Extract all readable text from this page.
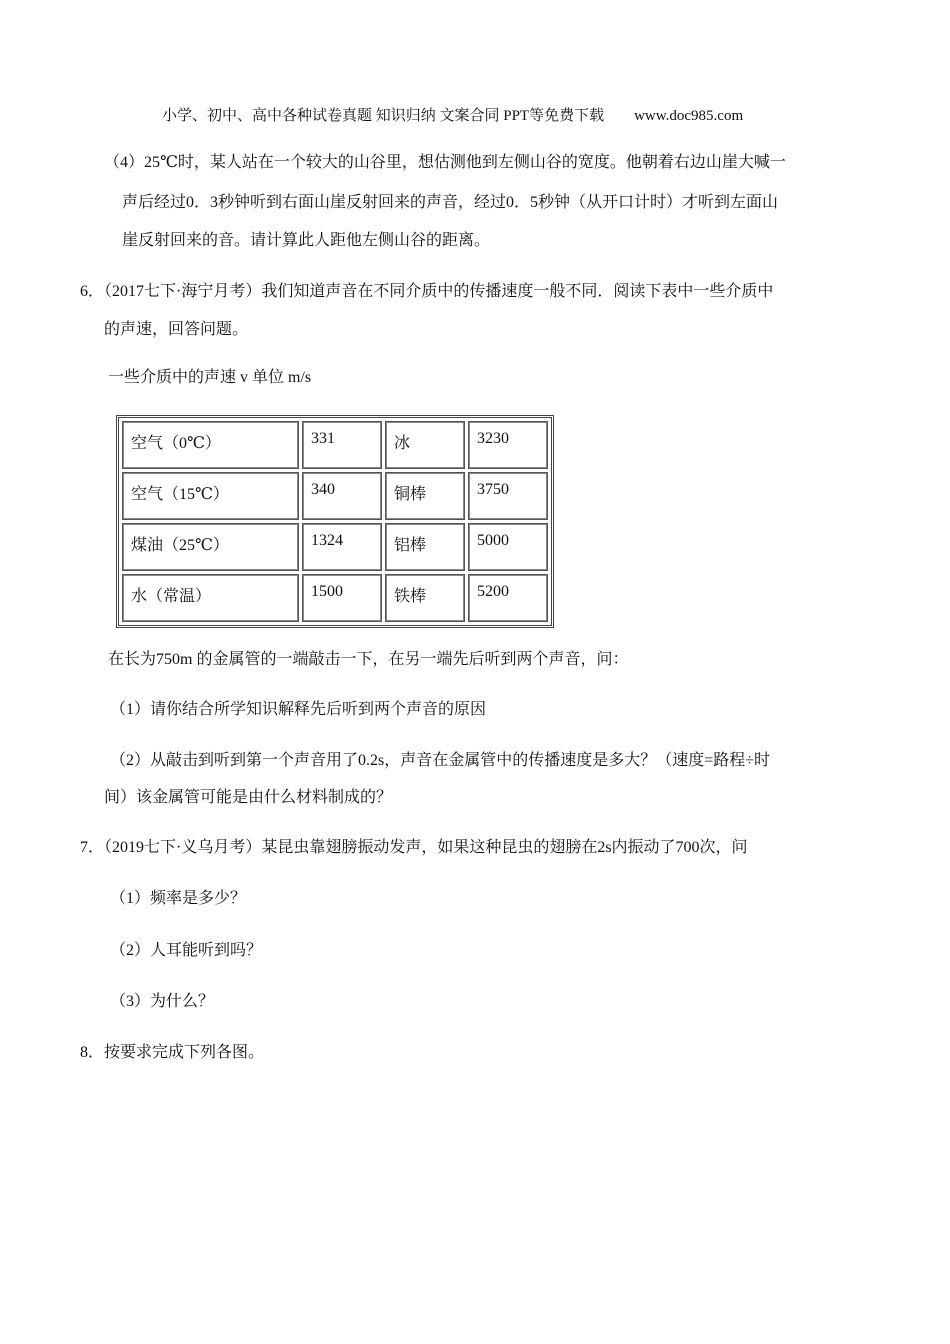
小学、初中、高中各种试卷真题 知识归纳 文案合同 PPT等免费下载　　www.doc985.com
（4）25℃时，某人站在一个较大的山谷里，想估测他到左侧山谷的宽度。他朝着右边山崖大喊一
声后经过0．3秒钟听到右面山崖反射回来的声音，经过0．5秒钟（从开口计时）才听到左面山
崖反射回来的音。请计算此人距他左侧山谷的距离。
6．（2017七下·海宁月考）我们知道声音在不同介质中的传播速度一般不同．阅读下表中一些介质中
的声速，回答问题。
一些介质中的声速 v 单位 m/s
空气（0℃）	331	冰	3230
空气（15℃）	340	铜棒	3750
煤油（25℃）	1324	铝棒	5000
水（常温）	1500	铁棒	5200
在长为750m 的金属管的一端敲击一下，在另一端先后听到两个声音，问：
（1）请你结合所学知识解释先后听到两个声音的原因
（2）从敲击到听到第一个声音用了0.2s，声音在金属管中的传播速度是多大？（速度=路程÷时
间）该金属管可能是由什么材料制成的？
7．（2019七下·义乌月考）某昆虫靠翅膀振动发声，如果这种昆虫的翅膀在2s内振动了700次，问
（1）频率是多少？
（2）人耳能听到吗？
（3）为什么？
8．按要求完成下列各图。
